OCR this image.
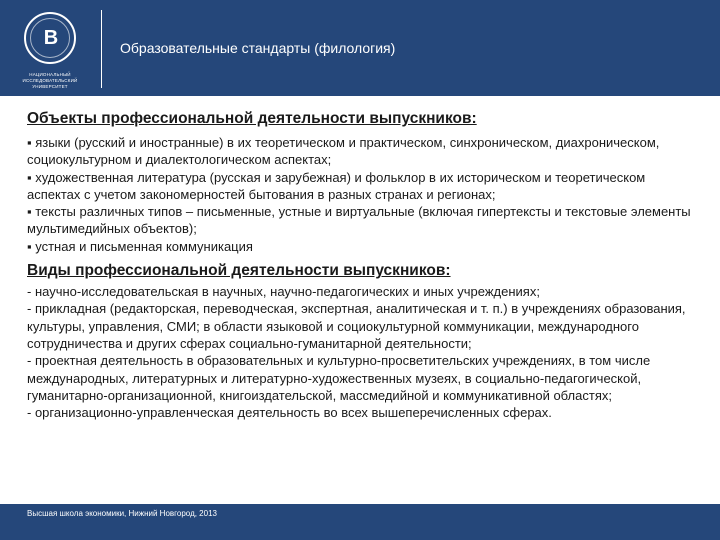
В
НАЦИОНАЛЬНЫЙ ИССЛЕДОВАТЕЛЬСКИЙ УНИВЕРСИТЕТ
Образовательные стандарты (филология)

Объекты профессиональной деятельности выпускников:

▪ языки (русский и иностранные) в их теоретическом и практическом, синхроническом, диахроническом, социокультурном и диалектологическом аспектах;
▪ художественная литература (русская и зарубежная) и фольклор в их историческом и теоретическом аспектах с учетом закономерностей бытования в разных странах и регионах;
▪ тексты различных типов – письменные, устные и виртуальные (включая гипертексты и текстовые элементы мультимедийных объектов);
▪ устная и письменная коммуникация

Виды профессиональной деятельности выпускников:

- научно-исследовательская в научных, научно-педагогических и иных учреждениях;
- прикладная (редакторская, переводческая, экспертная, аналитическая и т. п.) в учреждениях образования, культуры, управления, СМИ; в области языковой и социокультурной коммуникации, международного сотрудничества и других сферах социально-гуманитарной деятельности;
- проектная деятельность в образовательных и культурно-просветительских учреждениях, в том числе международных, литературных и литературно-художественных музеях, в социально-педагогической, гуманитарно-организационной, книгоиздательской, массмедийной и коммуникативной областях;
- организационно-управленческая деятельность во всех вышеперечисленных сферах.
Высшая школа экономики, Нижний Новгород, 2013
